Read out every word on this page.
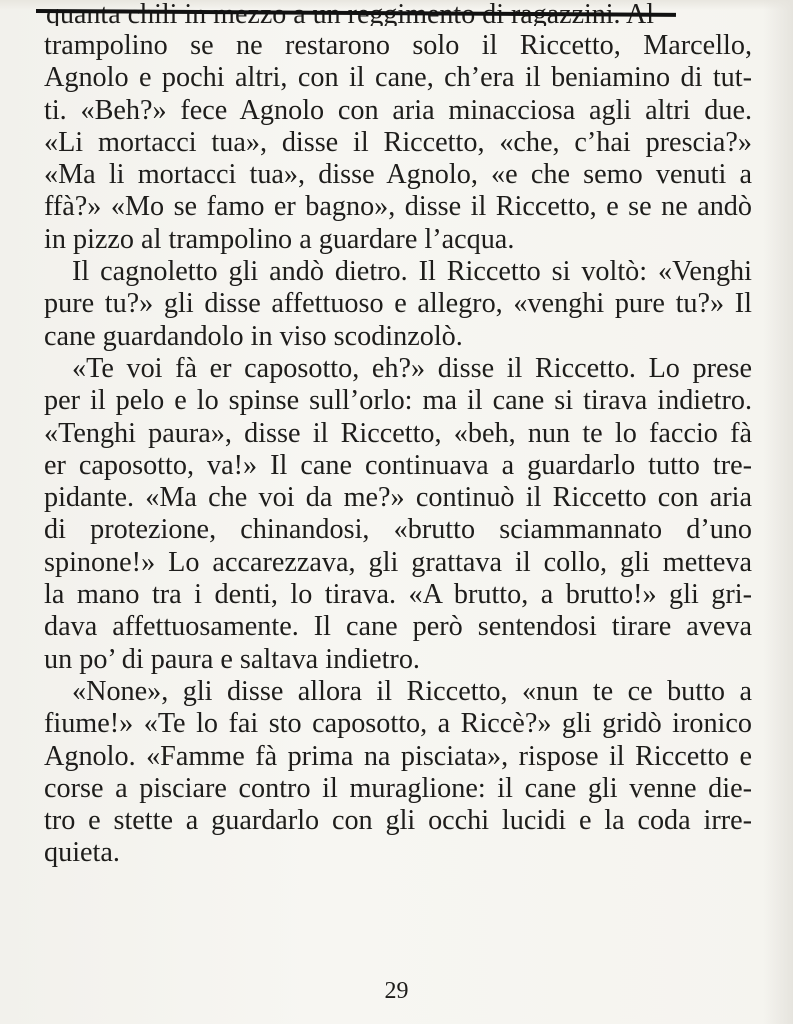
trampolino se ne restarono solo il Riccetto, Marcello,
Agnolo e pochi altri, con il cane, ch’era il beniamino di tut-
ti. «Beh?» fece Agnolo con aria minacciosa agli altri due.
«Li mortacci tua», disse il Riccetto, «che, c’hai prescia?»
«Ma li mortacci tua», disse Agnolo, «e che semo venuti a
ffà?» «Mo se famo er bagno», disse il Riccetto, e se ne andò
in pizzo al trampolino a guardare l’acqua.
Il cagnoletto gli andò dietro. Il Riccetto si voltò: «Venghi
pure tu?» gli disse affettuoso e allegro, «venghi pure tu?» Il
cane guardandolo in viso scodinzolò.
«Te voi fà er caposotto, eh?» disse il Riccetto. Lo prese
per il pelo e lo spinse sull’orlo: ma il cane si tirava indietro.
«Tenghi paura», disse il Riccetto, «beh, nun te lo faccio fà
er caposotto, va!» Il cane continuava a guardarlo tutto tre-
pidante. «Ma che voi da me?» continuò il Riccetto con aria
di protezione, chinandosi, «brutto sciammannato d’uno
spinone!» Lo accarezzava, gli grattava il collo, gli metteva
la mano tra i denti, lo tirava. «A brutto, a brutto!» gli gri-
dava affettuosamente. Il cane però sentendosi tirare aveva
un po’ di paura e saltava indietro.
«None», gli disse allora il Riccetto, «nun te ce butto a
fiume!» «Te lo fai sto caposotto, a Riccè?» gli gridò ironico
Agnolo. «Famme fà prima na pisciata», rispose il Riccetto e
corse a pisciare contro il muraglione: il cane gli venne die-
tro e stette a guardarlo con gli occhi lucidi e la coda irre-
quieta.
29
